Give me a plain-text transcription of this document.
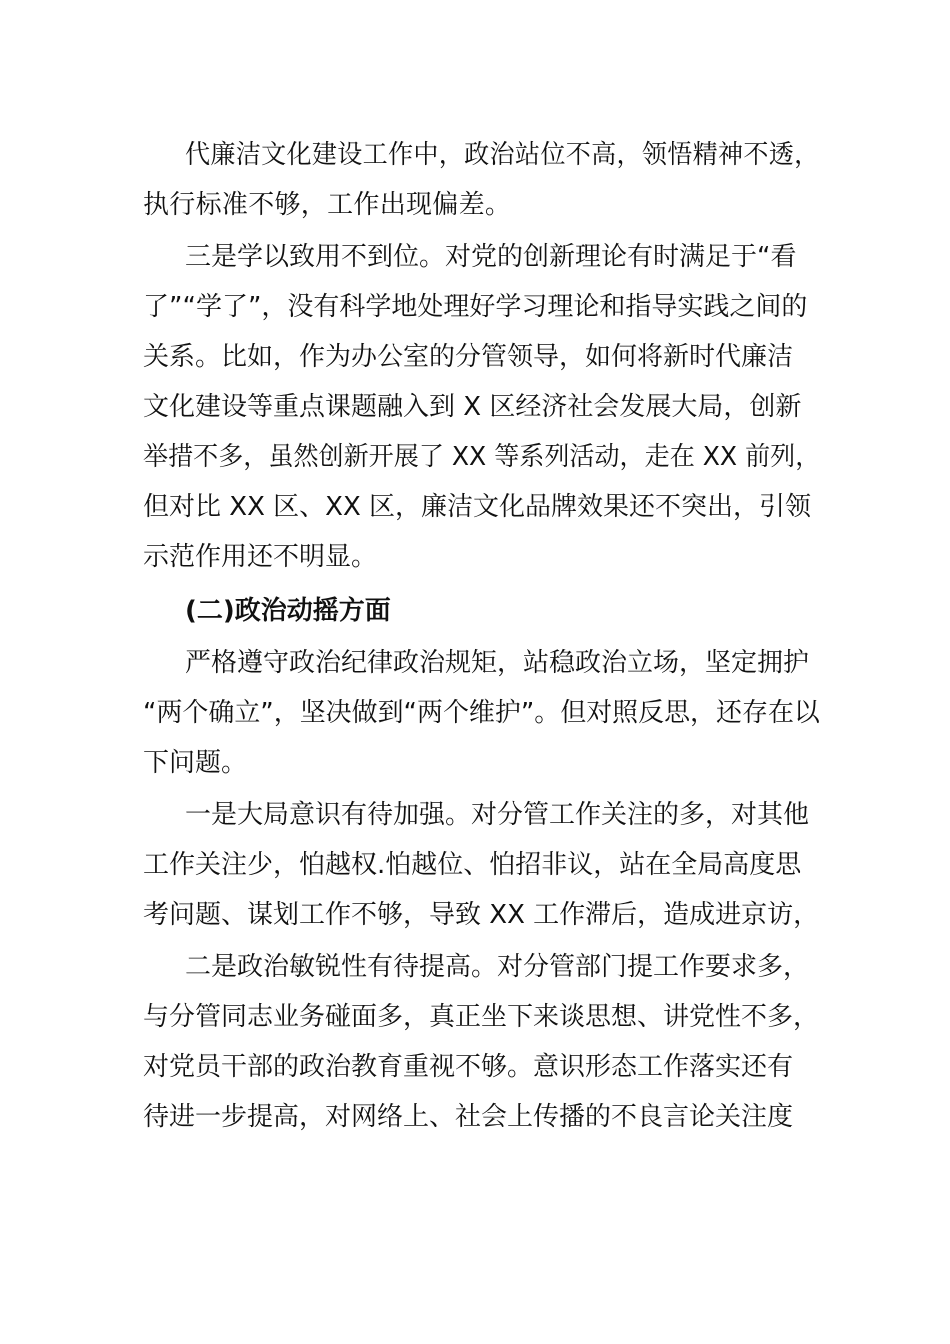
代廉洁文化建设工作中，政治站位不高，领悟精神不透，

执行标准不够，工作出现偏差。

三是学以致用不到位。对党的创新理论有时满足于“看

了”“学了”，没有科学地处理好学习理论和指导实践之间的

关系。比如，作为办公室的分管领导，如何将新时代廉洁

文化建设等重点课题融入到 X 区经济社会发展大局，创新

举措不多，虽然创新开展了 XX 等系列活动，走在 XX 前列，

但对比 XX 区、XX 区，廉洁文化品牌效果还不突出，引领

示范作用还不明显。

(二)政治动摇方面

严格遵守政治纪律政治规矩，站稳政治立场，坚定拥护

“两个确立”，坚决做到“两个维护”。但对照反思，还存在以

下问题。

一是大局意识有待加强。对分管工作关注的多，对其他

工作关注少，怕越权.怕越位、怕招非议，站在全局高度思

考问题、谋划工作不够，导致 XX 工作滞后，造成进京访，

二是政治敏锐性有待提高。对分管部门提工作要求多，

与分管同志业务碰面多，真正坐下来谈思想、讲党性不多，

对党员干部的政治教育重视不够。意识形态工作落实还有

待进一步提高，对网络上、社会上传播的不良言论关注度
